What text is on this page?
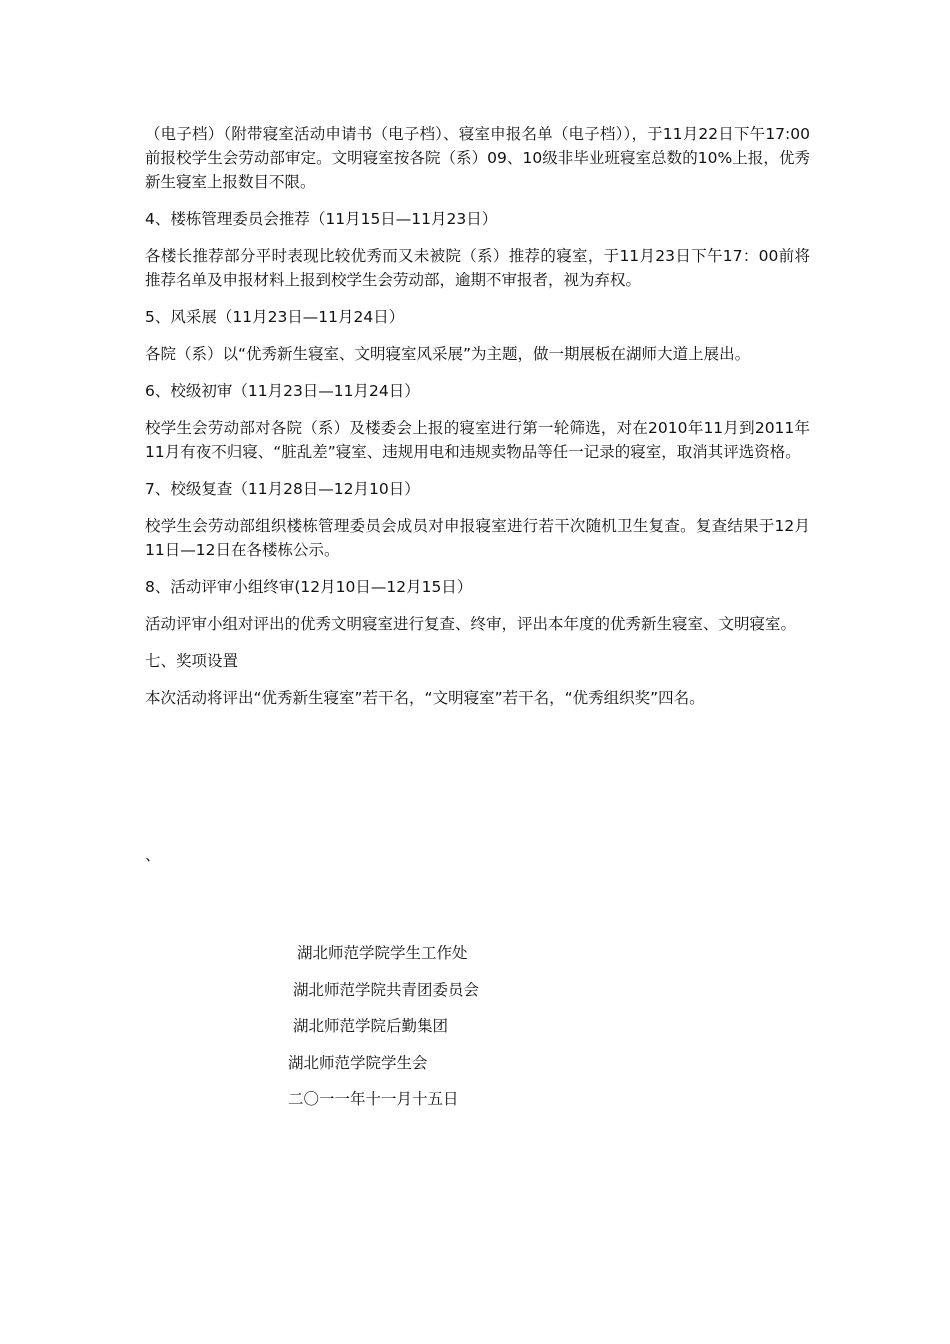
（电子档）（附带寝室活动申请书（电子档）、寝室申报名单（电子档）），于11月22日下午17:00前报校学生会劳动部审定。文明寝室按各院（系）09、10级非毕业班寝室总数的10%上报，优秀新生寝室上报数目不限。

4、楼栋管理委员会推荐（11月15日—11月23日）

各楼长推荐部分平时表现比较优秀而又未被院（系）推荐的寝室，于11月23日下午17：00前将推荐名单及申报材料上报到校学生会劳动部，逾期不审报者，视为弃权。

5、风采展（11月23日—11月24日）

各院（系）以“优秀新生寝室、文明寝室风采展”为主题，做一期展板在湖师大道上展出。

6、校级初审（11月23日—11月24日）

校学生会劳动部对各院（系）及楼委会上报的寝室进行第一轮筛选，对在2010年11月到2011年11月有夜不归寝、“脏乱差”寝室、违规用电和违规卖物品等任一记录的寝室，取消其评选资格。

7、校级复查（11月28日—12月10日）

校学生会劳动部组织楼栋管理委员会成员对申报寝室进行若干次随机卫生复查。复查结果于12月11日—12日在各楼栋公示。

8、活动评审小组终审(12月10日—12月15日）

活动评审小组对评出的优秀文明寝室进行复查、终审，评出本年度的优秀新生寝室、文明寝室。

七、奖项设置

本次活动将评出“优秀新生寝室”若干名，“文明寝室”若干名，“优秀组织奖”四名。

、
湖北师范学院学生工作处
湖北师范学院共青团委员会
湖北师范学院后勤集团
湖北师范学院学生会
二〇一一年十一月十五日
